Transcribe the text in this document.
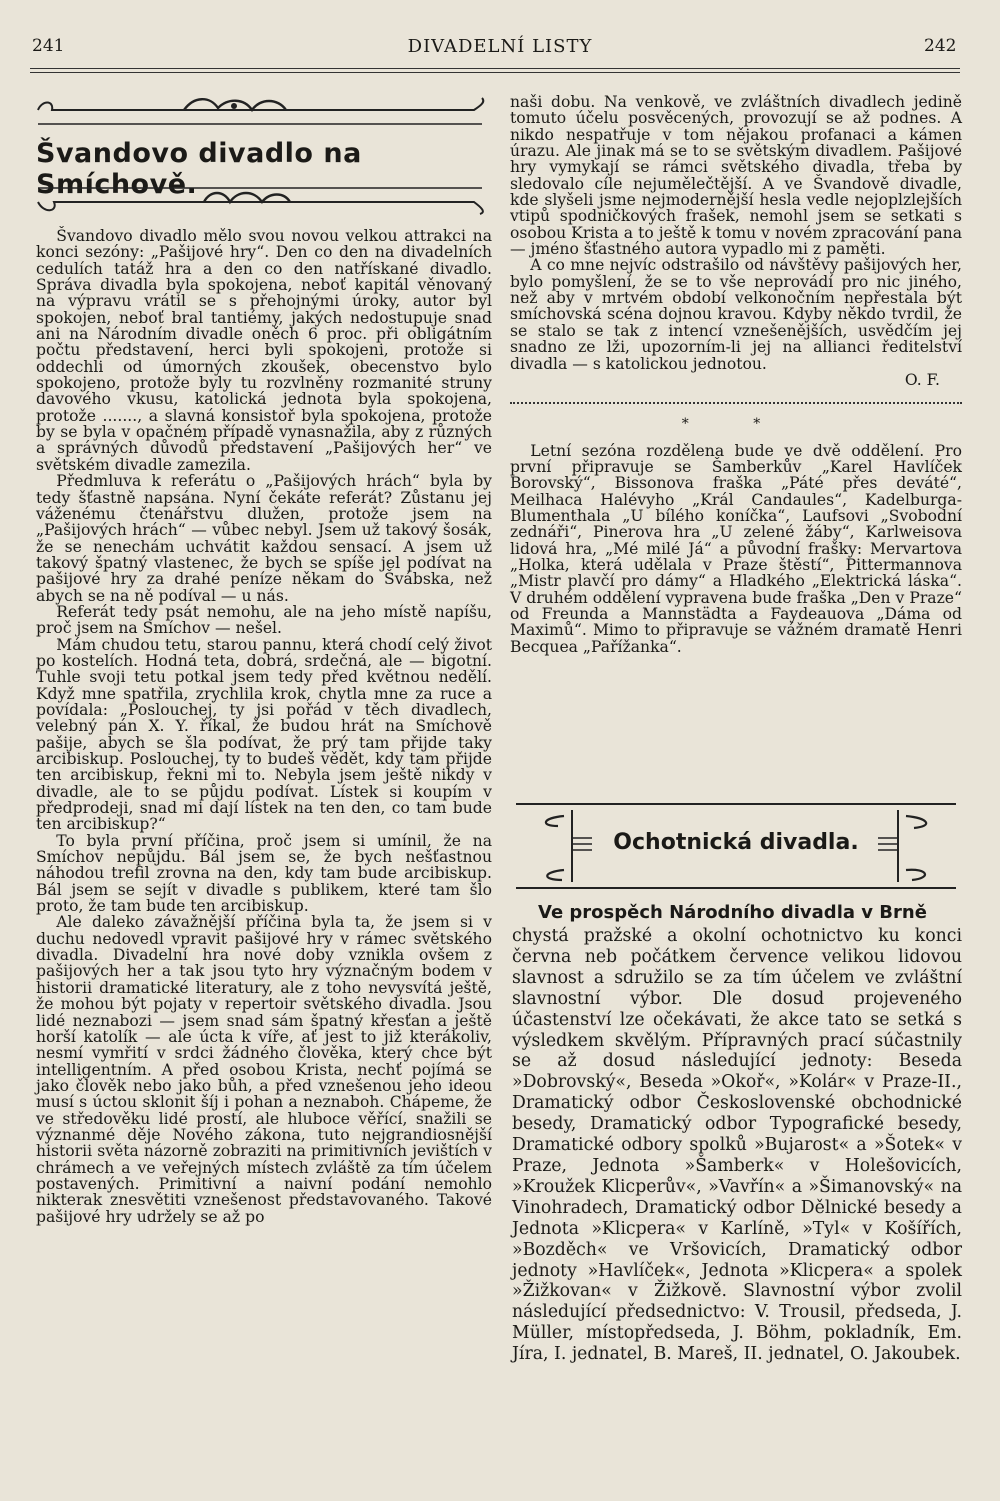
241	DIVADELNÍ LISTY	242
Švandovo divadlo na Smíchově.

Švandovo divadlo mělo svou novou velkou attrakci na konci sezóny: „Pašijové hry“. Den co den na divadelních cedulích tatáž hra a den co den natřískané divadlo. Správa divadla byla spokojena, neboť kapitál věnovaný na výpravu vrátil se s přehojnými úroky, autor byl spokojen, neboť bral tantiémy, jakých nedostupuje snad ani na Národním divadle oněch 6 proc. při obligátním počtu představení, herci byli spokojeni, protože si oddechli od úmorných zkoušek, obecenstvo bylo spokojeno, protože byly tu rozvlněny rozmanité struny davového vkusu, katolická jednota byla spokojena, protože ......., a slavná konsistoř byla spokojena, protože by se byla v opačném případě vynasnažila, aby z různých a správných důvodů představení „Pašijových her“ ve světském divadle zamezila.

Předmluva k referátu o „Pašijových hrách“ byla by tedy šťastně napsána. Nyní čekáte referát? Zůstanu jej váženému čtenářstvu dlužen, protože jsem na „Pašijových hrách“ — vůbec nebyl. Jsem už takový šosák, že se nenechám uchvátit každou sensací. A jsem už takový špatný vlastenec, že bych se spíše jel podívat na pašijové hry za drahé peníze někam do Švábska, než abych se na ně podíval — u nás.

Referát tedy psát nemohu, ale na jeho místě napíšu, proč jsem na Smíchov — nešel.

Mám chudou tetu, starou pannu, která chodí celý život po kostelích. Hodná teta, dobrá, srdečná, ale — bigotní. Tuhle svoji tetu potkal jsem tedy před květnou nedělí. Když mne spatřila, zrychlila krok, chytla mne za ruce a povídala: „Poslouchej, ty jsi pořád v těch divadlech, velebný pán X. Y. říkal, že budou hrát na Smíchově pašije, abych se šla podívat, že prý tam přijde taky arcibiskup. Poslouchej, ty to budeš vědět, kdy tam přijde ten arcibiskup, řekni mi to. Nebyla jsem ještě nikdy v divadle, ale to se půjdu podívat. Lístek si koupím v předprodeji, snad mi dají lístek na ten den, co tam bude ten arcibiskup?“

To byla první příčina, proč jsem si umínil, že na Smíchov nepůjdu. Bál jsem se, že bych nešťastnou náhodou trefil zrovna na den, kdy tam bude arcibiskup. Bál jsem se sejít v divadle s publikem, které tam šlo proto, že tam bude ten arcibiskup.

Ale daleko závažnější příčina byla ta, že jsem si v duchu nedovedl vpravit pašijové hry v rámec světského divadla. Divadelní hra nové doby vznikla ovšem z pašijových her a tak jsou tyto hry význačným bodem v historii dramatické literatury, ale z toho nevysvítá ještě, že mohou být pojaty v repertoir světského divadla. Jsou lidé neznabozi — jsem snad sám špatný křesťan a ještě horší katolík — ale úcta k víře, ať jest to již kterákoliv, nesmí vymřití v srdci žádného člověka, který chce být intelligentním. A před osobou Krista, nechť pojímá se jako člověk nebo jako bůh, a před vznešenou jeho ideou musí s úctou sklonit šíj i pohan a neznaboh. Chápeme, že ve středověku lidé prostí, ale hluboce věřící, snažili se význanmé děje Nového zákona, tuto nejgrandiosnější historii světa názorně zobraziti na primitivních jevištích v chrámech a ve veřejných místech zvláště za tím účelem postavených. Primitivní a naivní podání nemohlo nikterak znesvětiti vznešenost představovaného. Takové pašijové hry udržely se až po

naši dobu. Na venkově, ve zvláštních divadlech jedině tomuto účelu posvěcených, provozují se až podnes. A nikdo nespatřuje v tom nějakou profanaci a kámen úrazu. Ale jinak má se to se světským divadlem. Pašijové hry vymykají se rámci světského divadla, třeba by sledovalo cíle nejumělečtější. A ve Švandově divadle, kde slyšeli jsme nejmodernější hesla vedle nejoplzlejších vtipů spodničkových frašek, nemohl jsem se setkati s osobou Krista a to ještě k tomu v novém zpracování pana — jméno šťastného autora vypadlo mi z paměti.

A co mne nejvíc odstrašilo od návštěvy pašijových her, bylo pomyšlení, že se to vše neprovádí pro nic jiného, než aby v mrtvém období velkonočním nepřestala být smíchovská scéna dojnou kravou. Kdyby někdo tvrdil, že se stalo se tak z intencí vznešenějších, usvědčím jej snadno ze lži, upozorním-li jej na allianci ředitelství divadla — s katolickou jednotou.

O. F.
* *

Letní sezóna rozdělena bude ve dvě oddělení. Pro první připravuje se Šamberkův „Karel Havlíček Borovský“, Bissonova fraška „Páté přes deváté“, Meilhaca Halévyho „Král Candaules“, Kadelburga-Blumenthala „U bílého koníčka“, Laufsovi „Svobodní zednáři“, Pinerova hra „U zelené žáby“, Karlweisova lidová hra, „Mé milé Já“ a původní frašky: Mervartova „Holka, která udělala v Praze štěstí“, Pittermannova „Mistr plavčí pro dámy“ a Hladkého „Elektrická láska“. V druhém oddělení vypravena bude fraška „Den v Praze“ od Freunda a Mannstädta a Faydeauova „Dáma od Maximů“. Mimo to připravuje se vážném dramatě Henri Becquea „Pařížanka“.

Ochotnická divadla.
Ve prospěch Národního divadla v Brně

chystá pražské a okolní ochotnictvo ku konci června neb počátkem července velikou lidovou slavnost a sdružilo se za tím účelem ve zvláštní slavnostní výbor. Dle dosud projeveného účastenství lze očekávati, že akce tato se setká s výsledkem skvělým. Přípravných prací súčastnily se až dosud následující jednoty: Beseda »Dobrovský«, Beseda »Okoř«, »Kolár« v Praze-II., Dramatický odbor Československé obchodnické besedy, Dramatický odbor Typografické besedy, Dramatické odbory spolků »Bujarost« a »Šotek« v Praze, Jednota »Šamberk« v Holešovicích, »Kroužek Klicperův«, »Vavřín« a »Šimanovský« na Vinohradech, Dramatický odbor Dělnické besedy a Jednota »Klicpera« v Karlíně, »Tyl« v Košířích, »Bozděch« ve Vršovicích, Dramatický odbor jednoty »Havlíček«, Jednota »Klicpera« a spolek »Žižkovan« v Žižkově. Slavnostní výbor zvolil následující předsednictvo: V. Trousil, předseda, J. Müller, místopředseda, J. Böhm, pokladník, Em. Jíra, I. jednatel, B. Mareš, II. jednatel, O. Jakoubek.
